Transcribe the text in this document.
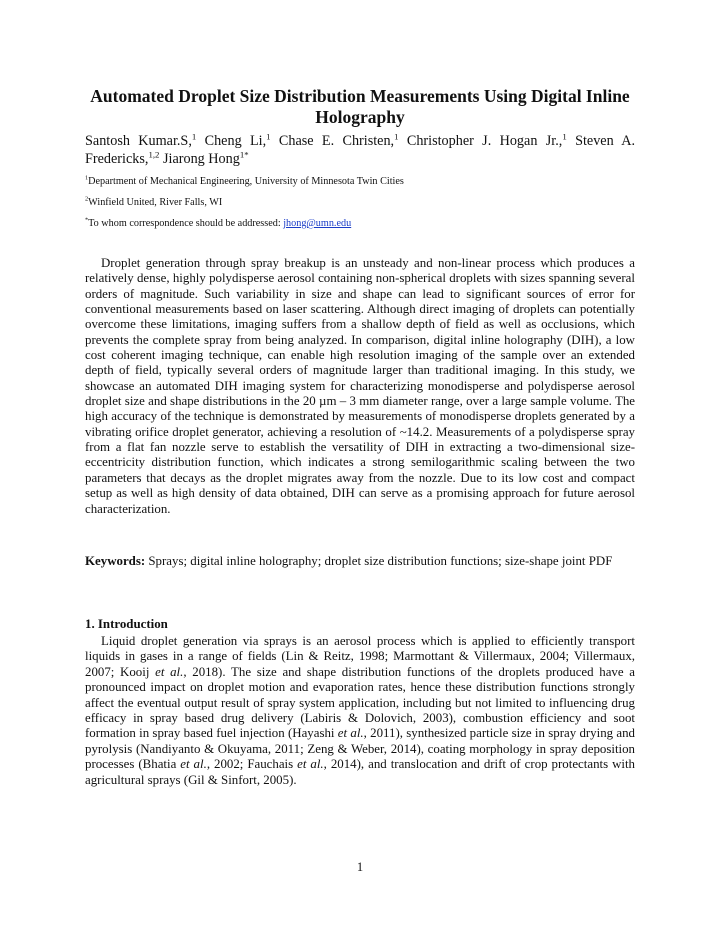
Automated Droplet Size Distribution Measurements Using Digital Inline Holography
Santosh Kumar.S,$^1$ Cheng Li,$^1$ Chase E. Christen,$^1$ Christopher J. Hogan Jr.,$^1$ Steven A. Fredericks,$^{1,2}$ Jiarong Hong$^{1*}$
$^1$Department of Mechanical Engineering, University of Minnesota Twin Cities
$^2$Winfield United, River Falls, WI
*To whom correspondence should be addressed: jhong@umn.edu

Droplet generation through spray breakup is an unsteady and non-linear process which produces a relatively dense, highly polydisperse aerosol containing non-spherical droplets with sizes spanning several orders of magnitude. Such variability in size and shape can lead to significant sources of error for conventional measurements based on laser scattering. Although direct imaging of droplets can potentially overcome these limitations, imaging suffers from a shallow depth of field as well as occlusions, which prevents the complete spray from being analyzed. In comparison, digital inline holography (DIH), a low cost coherent imaging technique, can enable high resolution imaging of the sample over an extended depth of field, typically several orders of magnitude larger than traditional imaging. In this study, we showcase an automated DIH imaging system for characterizing monodisperse and polydisperse aerosol droplet size and shape distributions in the 20 µm – 3 mm diameter range, over a large sample volume. The high accuracy of the technique is demonstrated by measurements of monodisperse droplets generated by a vibrating orifice droplet generator, achieving a resolution of ~14.2. Measurements of a polydisperse spray from a flat fan nozzle serve to establish the versatility of DIH in extracting a two-dimensional size-eccentricity distribution function, which indicates a strong semilogarithmic scaling between the two parameters that decays as the droplet migrates away from the nozzle. Due to its low cost and compact setup as well as high density of data obtained, DIH can serve as a promising approach for future aerosol characterization.

Keywords: Sprays; digital inline holography; droplet size distribution functions; size-shape joint PDF

1. Introduction

Liquid droplet generation via sprays is an aerosol process which is applied to efficiently transport liquids in gases in a range of fields (Lin & Reitz, 1998; Marmottant & Villermaux, 2004; Villermaux, 2007; Kooij et al., 2018). The size and shape distribution functions of the droplets produced have a pronounced impact on droplet motion and evaporation rates, hence these distribution functions strongly affect the eventual output result of spray system application, including but not limited to influencing drug efficacy in spray based drug delivery (Labiris & Dolovich, 2003), combustion efficiency and soot formation in spray based fuel injection (Hayashi et al., 2011), synthesized particle size in spray drying and pyrolysis (Nandiyanto & Okuyama, 2011; Zeng & Weber, 2014), coating morphology in spray deposition processes (Bhatia et al., 2002; Fauchais et al., 2014), and translocation and drift of crop protectants with agricultural sprays (Gil & Sinfort, 2005).

1
